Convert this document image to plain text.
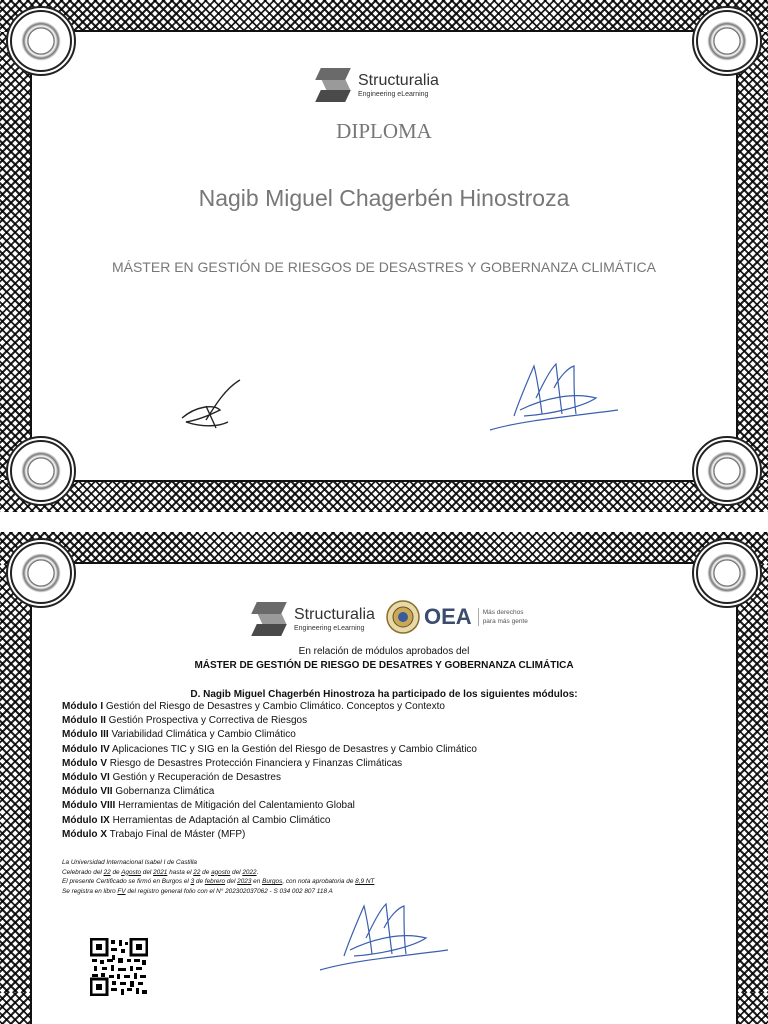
Structuralia
Engineering eLearning
DIPLOMA
Nagib Miguel Chagerbén Hinostroza
MÁSTER EN GESTIÓN DE RIESGOS DE DESASTRES Y GOBERNANZA CLIMÁTICA
Structuralia
Engineering eLearning	OEA Más derechos
para más gente
En relación de módulos aprobados del
MÁSTER DE GESTIÓN DE RIESGO DE DESATRES Y GOBERNANZA CLIMÁTICA
D. Nagib Miguel Chagerbén Hinostroza ha participado de los siguientes módulos:
Módulo I Gestión del Riesgo de Desastres y Cambio Climático. Conceptos y Contexto
Módulo II Gestión Prospectiva y Correctiva de Riesgos
Módulo III Variabilidad Climática y Cambio Climático
Módulo IV Aplicaciones TIC y SIG en la Gestión del Riesgo de Desastres y Cambio Climático
Módulo V Riesgo de Desastres Protección Financiera y Finanzas Climáticas
Módulo VI Gestión y Recuperación de Desastres
Módulo VII Gobernanza Climática
Módulo VIII Herramientas de Mitigación del Calentamiento Global
Módulo IX Herramientas de Adaptación al Cambio Climático
Módulo X Trabajo Final de Máster (MFP)
La Universidad Internacional Isabel I de Castilla
Celebrado del 22 de Agosto del 2021 hasta el 22 de agosto del 2022.
El presente Certificado se firmó en Burgos el 3 de febrero del 2023 en Burgos, con nota aprobatoria de 8,9 NT
Se registra en libro FV del registro general folio con el N° 202302037062 - S 034 002 807 118 A
